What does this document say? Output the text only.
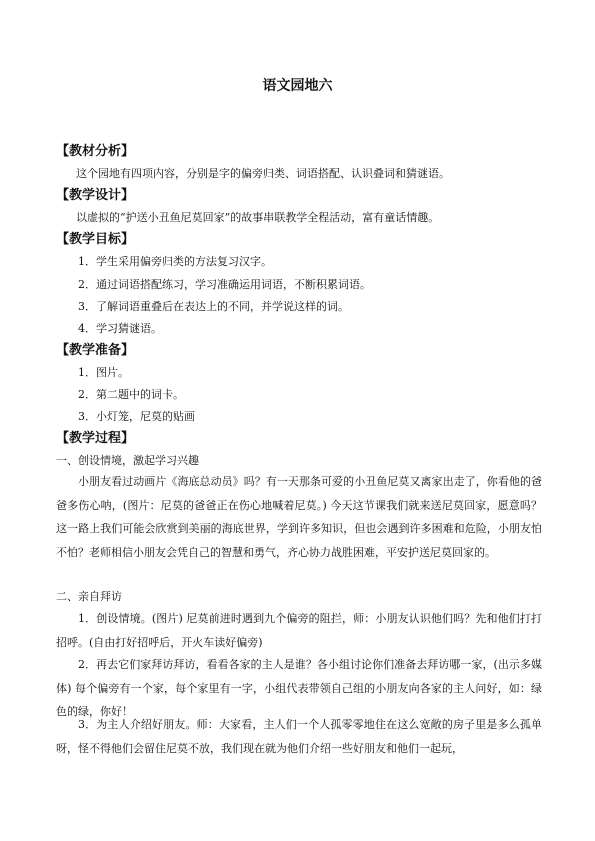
语文园地六
【教材分析】
这个园地有四项内容，分别是字的偏旁归类、词语搭配、认识叠词和猜谜语。
【教学设计】
以虚拟的“护送小丑鱼尼莫回家”的故事串联教学全程活动，富有童话情趣。
【教学目标】
1．学生采用偏旁归类的方法复习汉字。
2．通过词语搭配练习，学习准确运用词语，不断积累词语。
3．了解词语重叠后在表达上的不同，并学说这样的词。
4．学习猜谜语。
【教学准备】
1．图片。
2．第二题中的词卡。
3．小灯笼，尼莫的贴画
【教学过程】
一、创设情境，激起学习兴趣
小朋友看过动画片《海底总动员》吗？有一天那条可爱的小丑鱼尼莫又离家出走了，你看他的爸爸多伤心呐，(图片：尼莫的爸爸正在伤心地喊着尼莫。) 今天这节课我们就来送尼莫回家，愿意吗？这一路上我们可能会欣赏到美丽的海底世界，学到许多知识，但也会遇到许多困难和危险，小朋友怕不怕？老师相信小朋友会凭自己的智慧和勇气，齐心协力战胜困难，平安护送尼莫回家的。
二、亲自拜访
1．创设情境。(图片) 尼莫前进时遇到九个偏旁的阻拦，师：小朋友认识他们吗？先和他们打打招呼。(自由打好招呼后，开火车读好偏旁)
2．再去它们家拜访拜访，看看各家的主人是谁？各小组讨论你们准备去拜访哪一家，(出示多媒体) 每个偏旁有一个家，每个家里有一字，小组代表带领自己组的小朋友向各家的主人问好，如：绿色的绿，你好！
3．为主人介绍好朋友。师：大家看，主人们一个人孤零零地住在这么宽敞的房子里是多么孤单呀，怪不得他们会留住尼莫不放，我们现在就为他们介绍一些好朋友和他们一起玩，
